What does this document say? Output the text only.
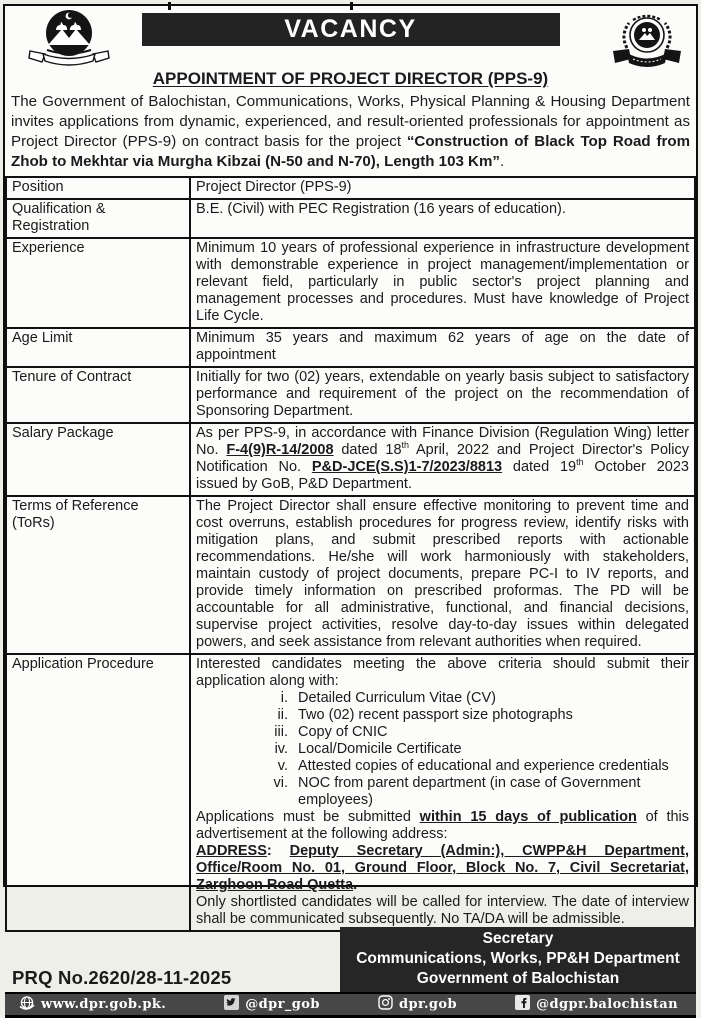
VACANCY
APPOINTMENT OF PROJECT DIRECTOR (PPS-9)
The Government of Balochistan, Communications, Works, Physical Planning & Housing Department invites applications from dynamic, experienced, and result-oriented professionals for appointment as Project Director (PPS-9) on contract basis for the project “Construction of Black Top Road from Zhob to Mekhtar via Murgha Kibzai (N-50 and N-70), Length 103 Km”.
Position	Project Director (PPS-9)
Qualification & Registration	B.E. (Civil) with PEC Registration (16 years of education).
Experience	Minimum 10 years of professional experience in infrastructure development with demonstrable experience in project management/implementation or relevant field, particularly in public sector's project planning and management processes and procedures. Must have knowledge of Project Life Cycle.
Age Limit	Minimum 35 years and maximum 62 years of age on the date of appointment
Tenure of Contract	Initially for two (02) years, extendable on yearly basis subject to satisfactory performance and requirement of the project on the recommendation of Sponsoring Department.
Salary Package	As per PPS-9, in accordance with Finance Division (Regulation Wing) letter No. F-4(9)R-14/2008 dated 18th April, 2022 and Project Director's Policy Notification No. P&D-JCE(S.S)1-7/2023/8813 dated 19th October 2023 issued by GoB, P&D Department.
Terms of Reference (ToRs)	The Project Director shall ensure effective monitoring to prevent time and cost overruns, establish procedures for progress review, identify risks with mitigation plans, and submit prescribed reports with actionable recommendations. He/she will work harmoniously with stakeholders, maintain custody of project documents, prepare PC-I to IV reports, and provide timely information on prescribed proformas. The PD will be accountable for all administrative, functional, and financial decisions, supervise project activities, resolve day-to-day issues within delegated powers, and seek assistance from relevant authorities when required.
Application Procedure	Interested candidates meeting the above criteria should submit their application along with:
i. Detailed Curriculum Vitae (CV)
ii. Two (02) recent passport size photographs
iii. Copy of CNIC
iv. Local/Domicile Certificate
v. Attested copies of educational and experience credentials
vi. NOC from parent department (in case of Government employees)
Applications must be submitted within 15 days of publication of this advertisement at the following address:
ADDRESS: Deputy Secretary (Admin:), CWPP&H Department, Office/Room No. 01, Ground Floor, Block No. 7, Civil Secretariat, Zarghoon Road Quetta.
Only shortlisted candidates will be called for interview. The date of interview shall be communicated subsequently. No TA/DA will be admissible.
PRQ No.2620/28-11-2025
Secretary
Communications, Works, PP&H Department
Government of Balochistan
www.dpr.gob.pk.	@dpr_gob	dpr.gob	@dgpr.balochistan
